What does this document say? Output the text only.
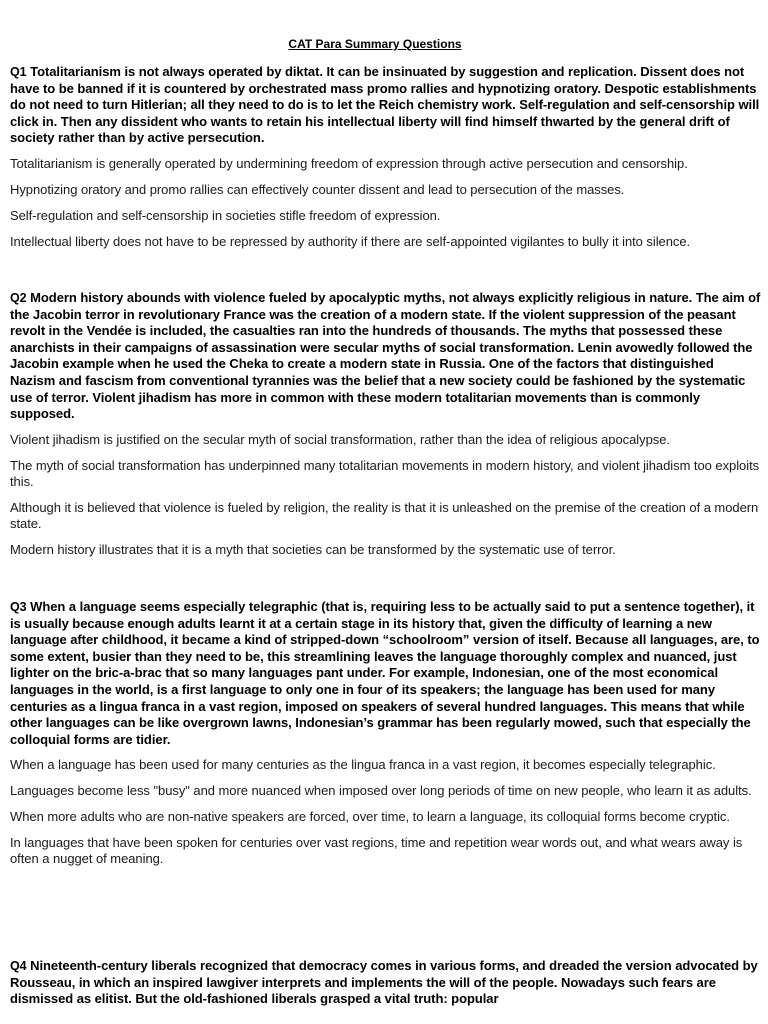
CAT Para Summary Questions

Q1 Totalitarianism is not always operated by diktat. It can be insinuated by suggestion and replication. Dissent does not have to be banned if it is countered by orchestrated mass promo rallies and hypnotizing oratory. Despotic establishments do not need to turn Hitlerian; all they need to do is to let the Reich chemistry work. Self-regulation and self-censorship will click in. Then any dissident who wants to retain his intellectual liberty will find himself thwarted by the general drift of society rather than by active persecution.

Totalitarianism is generally operated by undermining freedom of expression through active persecution and censorship.

Hypnotizing oratory and promo rallies can effectively counter dissent and lead to persecution of the masses.

Self-regulation and self-censorship in societies stifle freedom of expression.

Intellectual liberty does not have to be repressed by authority if there are self-appointed vigilantes to bully it into silence.

Q2 Modern history abounds with violence fueled by apocalyptic myths, not always explicitly religious in nature. The aim of the Jacobin terror in revolutionary France was the creation of a modern state. If the violent suppression of the peasant revolt in the Vendée is included, the casualties ran into the hundreds of thousands. The myths that possessed these anarchists in their campaigns of assassination were secular myths of social transformation. Lenin avowedly followed the Jacobin example when he used the Cheka to create a modern state in Russia. One of the factors that distinguished Nazism and fascism from conventional tyrannies was the belief that a new society could be fashioned by the systematic use of terror. Violent jihadism has more in common with these modern totalitarian movements than is commonly supposed.

Violent jihadism is justified on the secular myth of social transformation, rather than the idea of religious apocalypse.

The myth of social transformation has underpinned many totalitarian movements in modern history, and violent jihadism too exploits this.

Although it is believed that violence is fueled by religion, the reality is that it is unleashed on the premise of the creation of a modern state.

Modern history illustrates that it is a myth that societies can be transformed by the systematic use of terror.

Q3 When a language seems especially telegraphic (that is, requiring less to be actually said to put a sentence together), it is usually because enough adults learnt it at a certain stage in its history that, given the difficulty of learning a new language after childhood, it became a kind of stripped-down “schoolroom” version of itself. Because all languages, are, to some extent, busier than they need to be, this streamlining leaves the language thoroughly complex and nuanced, just lighter on the bric-a-brac that so many languages pant under. For example, Indonesian, one of the most economical languages in the world, is a first language to only one in four of its speakers; the language has been used for many centuries as a lingua franca in a vast region, imposed on speakers of several hundred languages. This means that while other languages can be like overgrown lawns, Indonesian’s grammar has been regularly mowed, such that especially the colloquial forms are tidier.

When a language has been used for many centuries as the lingua franca in a vast region, it becomes especially telegraphic.

Languages become less "busy" and more nuanced when imposed over long periods of time on new people, who learn it as adults.

When more adults who are non-native speakers are forced, over time, to learn a language, its colloquial forms become cryptic.

In languages that have been spoken for centuries over vast regions, time and repetition wear words out, and what wears away is often a nugget of meaning.

Q4 Nineteenth-century liberals recognized that democracy comes in various forms, and dreaded the version advocated by Rousseau, in which an inspired lawgiver interprets and implements the will of the people. Nowadays such fears are dismissed as elitist. But the old-fashioned liberals grasped a vital truth: popular
